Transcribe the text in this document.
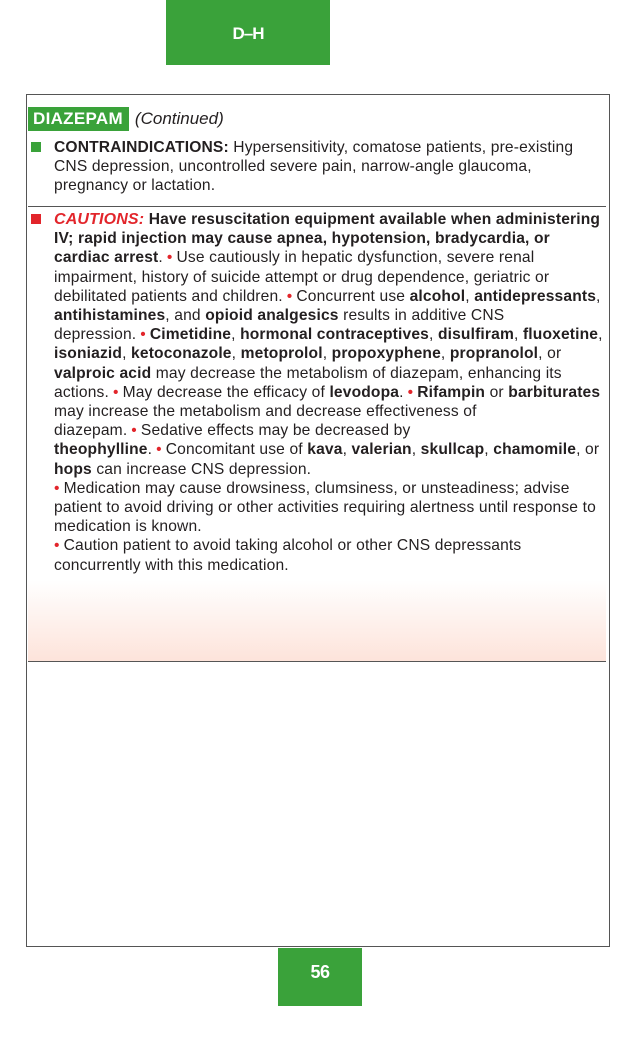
D–H
DIAZEPAM (Continued)

CONTRAINDICATIONS: Hypersensitivity, comatose patients, pre-existing CNS depression, uncontrolled severe pain, narrow-angle glaucoma, pregnancy or lactation.

CAUTIONS: Have resuscitation equipment available when administering IV; rapid injection may cause apnea, hypotension, bradycardia, or cardiac arrest. • Use cautiously in hepatic dysfunction, severe renal impairment, history of suicide attempt or drug dependence, geriatric or debilitated patients and children. • Concurrent use alcohol, antidepressants, antihistamines, and opioid analgesics results in additive CNS depression. • Cimetidine, hormonal contraceptives, disulfiram, fluoxetine, isoniazid, ketoconazole, metoprolol, propoxyphene, propranolol, or valproic acid may decrease the metabolism of diazepam, enhancing its actions. • May decrease the efficacy of levodopa. • Rifampin or barbiturates may increase the metabolism and decrease effectiveness of diazepam. • Sedative effects may be decreased by theophylline. • Concomitant use of kava, valerian, skullcap, chamomile, or hops can increase CNS depression.
• Medication may cause drowsiness, clumsiness, or unsteadiness; advise patient to avoid driving or other activities requiring alertness until response to medication is known.
• Caution patient to avoid taking alcohol or other CNS depressants concurrently with this medication.

56
